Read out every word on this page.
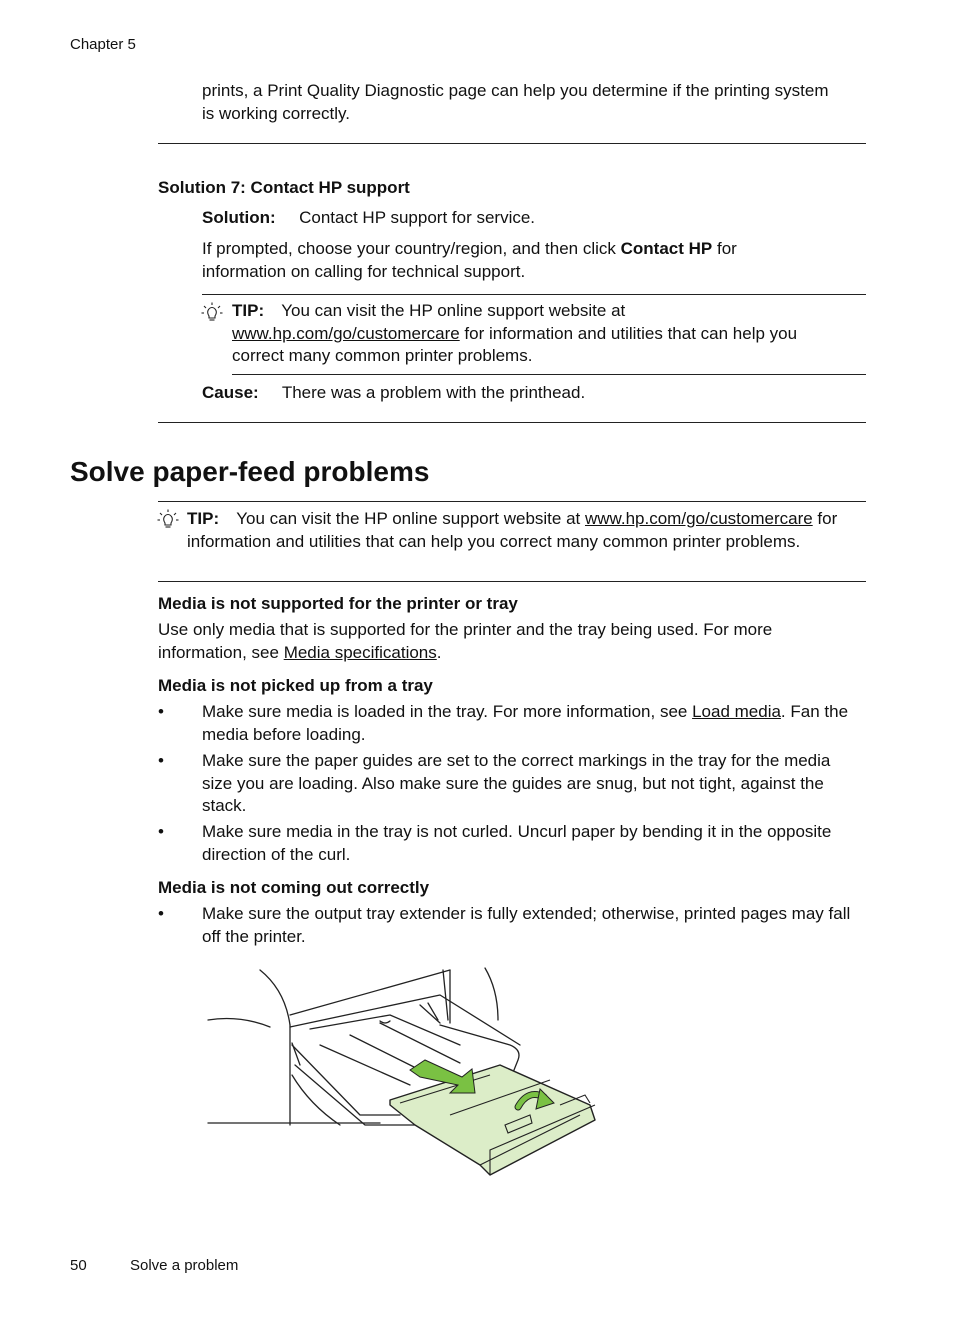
Chapter 5
prints, a Print Quality Diagnostic page can help you determine if the printing system is working correctly.
Solution 7: Contact HP support
Solution: Contact HP support for service.
If prompted, choose your country/region, and then click Contact HP for information on calling for technical support.
TIP: You can visit the HP online support website at www.hp.com/go/customercare for information and utilities that can help you correct many common printer problems.
Cause: There was a problem with the printhead.
Solve paper-feed problems
TIP: You can visit the HP online support website at www.hp.com/go/customercare for information and utilities that can help you correct many common printer problems.
Media is not supported for the printer or tray
Use only media that is supported for the printer and the tray being used. For more information, see Media specifications.
Media is not picked up from a tray
• Make sure media is loaded in the tray. For more information, see Load media. Fan the media before loading.
• Make sure the paper guides are set to the correct markings in the tray for the media size you are loading. Also make sure the guides are snug, but not tight, against the stack.
• Make sure media in the tray is not curled. Uncurl paper by bending it in the opposite direction of the curl.
Media is not coming out correctly
• Make sure the output tray extender is fully extended; otherwise, printed pages may fall off the printer.
50	Solve a problem
